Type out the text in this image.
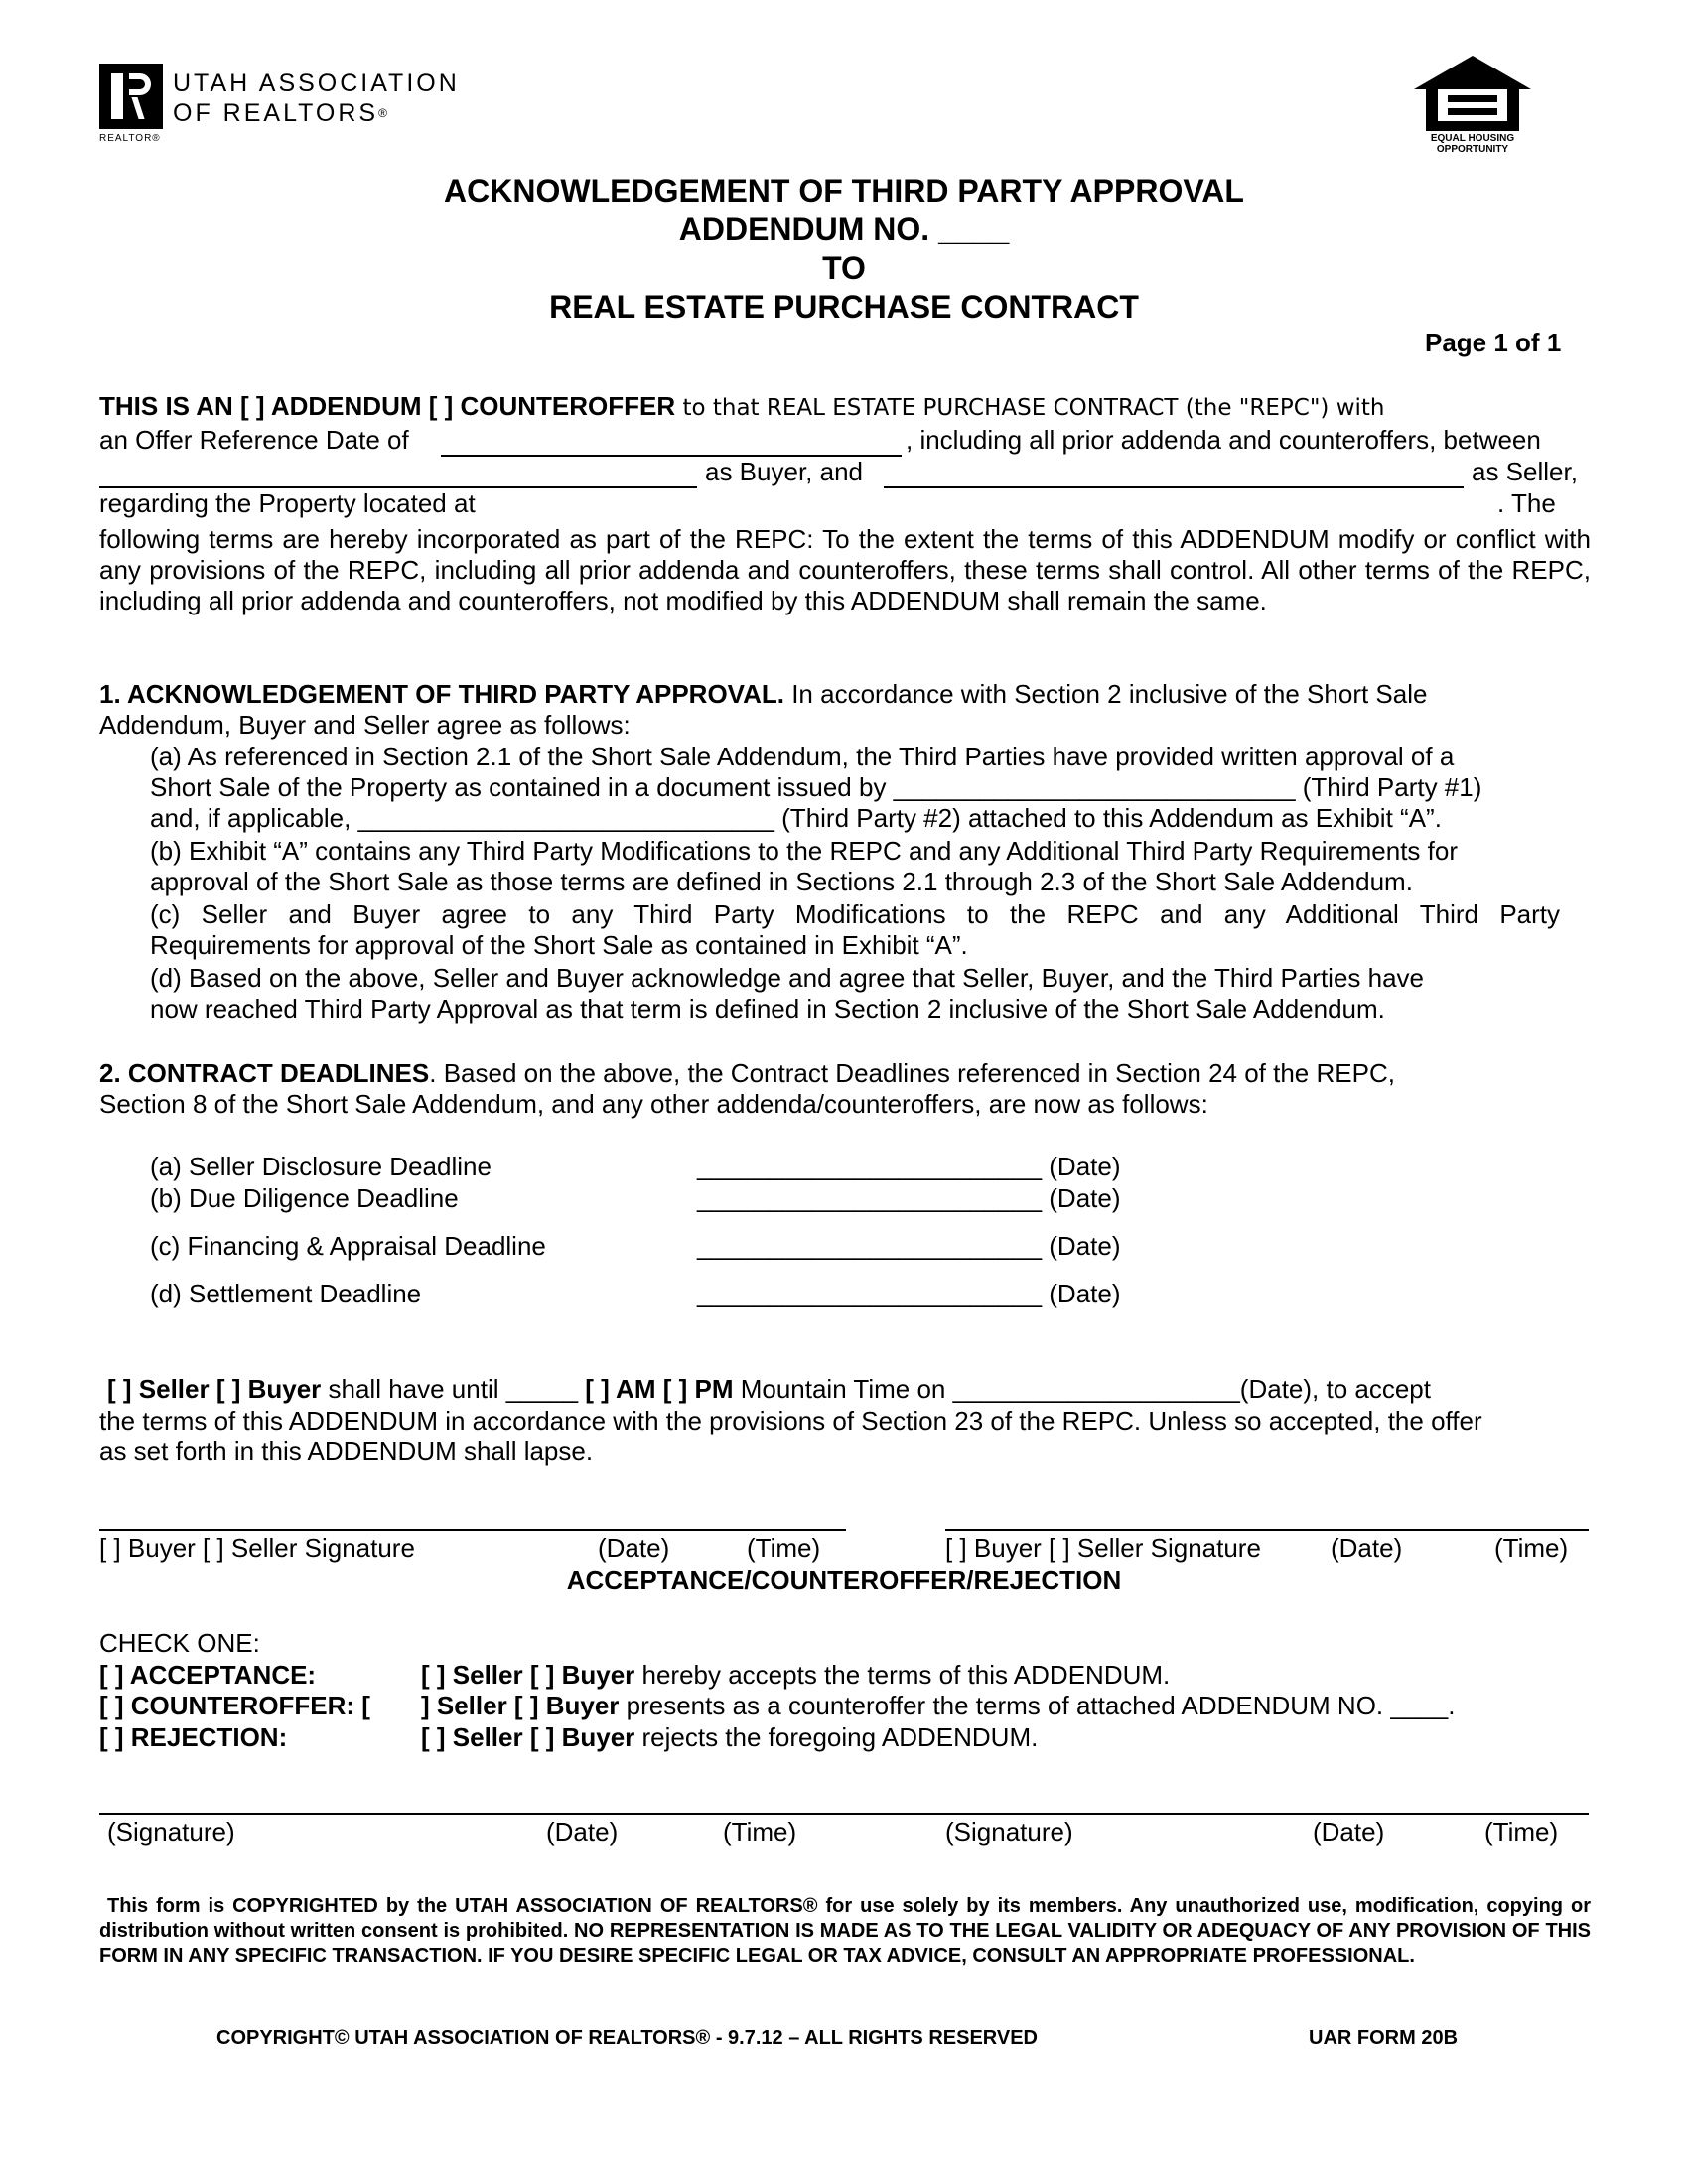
UTAH ASSOCIATION
OF REALTORS®
REALTOR®	EQUAL HOUSING
OPPORTUNITY
ACKNOWLEDGEMENT OF THIRD PARTY APPROVAL
ADDENDUM NO. ____
TO
REAL ESTATE PURCHASE CONTRACT
Page 1 of 1
THIS IS AN [ ] ADDENDUM [ ] COUNTEROFFER to that REAL ESTATE PURCHASE CONTRACT (the "REPC") with
an Offer Reference Date of	, including all prior addenda and counteroffers, between
as Buyer, and	as Seller,
regarding the Property located at	. The
following terms are hereby incorporated as part of the REPC: To the extent the terms of this ADDENDUM modify or conflict with any provisions of the REPC, including all prior addenda and counteroffers, these terms shall control. All other terms of the REPC, including all prior addenda and counteroffers, not modified by this ADDENDUM shall remain the same.
1. ACKNOWLEDGEMENT OF THIRD PARTY APPROVAL. In accordance with Section 2 inclusive of the Short Sale
Addendum, Buyer and Seller agree as follows:
(a) As referenced in Section 2.1 of the Short Sale Addendum, the Third Parties have provided written approval of a
Short Sale of the Property as contained in a document issued by ____________________________ (Third Party #1)
and, if applicable, _____________________________ (Third Party #2) attached to this Addendum as Exhibit “A”.
(b) Exhibit “A” contains any Third Party Modifications to the REPC and any Additional Third Party Requirements for
approval of the Short Sale as those terms are defined in Sections 2.1 through 2.3 of the Short Sale Addendum.
(c) Seller and Buyer agree to any Third Party Modifications to the REPC and any Additional Third Party
Requirements for approval of the Short Sale as contained in Exhibit “A”.
(d) Based on the above, Seller and Buyer acknowledge and agree that Seller, Buyer, and the Third Parties have
now reached Third Party Approval as that term is defined in Section 2 inclusive of the Short Sale Addendum.
2. CONTRACT DEADLINES. Based on the above, the Contract Deadlines referenced in Section 24 of the REPC,
Section 8 of the Short Sale Addendum, and any other addenda/counteroffers, are now as follows:
(a) Seller Disclosure Deadline	________________________ (Date)
(b) Due Diligence Deadline	________________________ (Date)
(c) Financing & Appraisal Deadline	________________________ (Date)
(d) Settlement Deadline	________________________ (Date)
[ ] Seller [ ] Buyer shall have until _____ [ ] AM [ ] PM Mountain Time on ____________________(Date), to accept
the terms of this ADDENDUM in accordance with the provisions of Section 23 of the REPC. Unless so accepted, the offer
as set forth in this ADDENDUM shall lapse.
[ ] Buyer [ ] Seller Signature	(Date)	(Time)	[ ] Buyer [ ] Seller Signature	(Date)	(Time)
ACCEPTANCE/COUNTEROFFER/REJECTION
CHECK ONE:
[ ] ACCEPTANCE:	[ ] Seller [ ] Buyer hereby accepts the terms of this ADDENDUM.
[ ] COUNTEROFFER: [ ] Seller [ ] Buyer presents as a counteroffer the terms of attached ADDENDUM NO. ____.
[ ] REJECTION:	[ ] Seller [ ] Buyer rejects the foregoing ADDENDUM.
(Signature)	(Date)	(Time)	(Signature)	(Date)	(Time)
This form is COPYRIGHTED by the UTAH ASSOCIATION OF REALTORS® for use solely by its members. Any unauthorized use, modification, copying or distribution without written consent is prohibited. NO REPRESENTATION IS MADE AS TO THE LEGAL VALIDITY OR ADEQUACY OF ANY PROVISION OF THIS FORM IN ANY SPECIFIC TRANSACTION. IF YOU DESIRE SPECIFIC LEGAL OR TAX ADVICE, CONSULT AN APPROPRIATE PROFESSIONAL.
COPYRIGHT© UTAH ASSOCIATION OF REALTORS® - 9.7.12 – ALL RIGHTS RESERVED	UAR FORM 20B
